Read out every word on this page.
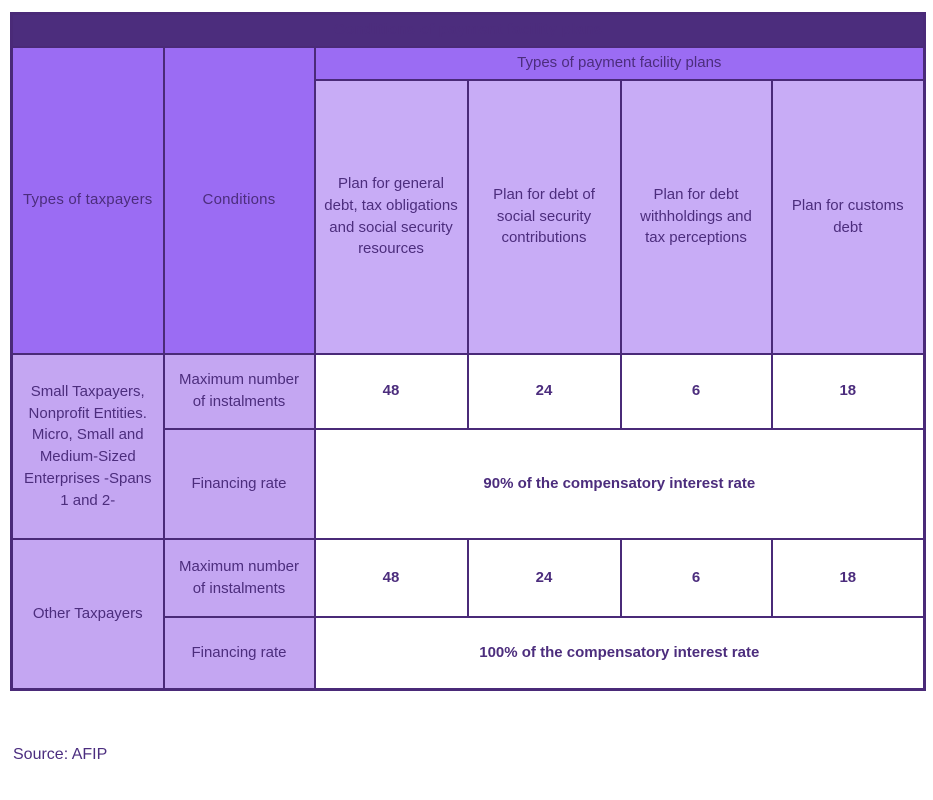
Conditions of payment facility plans					
Types of taxpayers	Conditions	Types of payment facility plans			
		Plan for general debt, tax obligations and social security resources	Plan for debt of social security contributions	Plan for debt withholdings and tax perceptions	Plan for customs debt
Small Taxpayers, Nonprofit Entities. Micro, Small and Medium-Sized Enterprises -Spans 1 and 2-	Maximum number of instalments	48	24	6	18
	Financing rate	90% of the compensatory interest rate			
Other Taxpayers	Maximum number of instalments	48	24	6	18
	Financing rate	100% of the compensatory interest rate			
Source: AFIP
